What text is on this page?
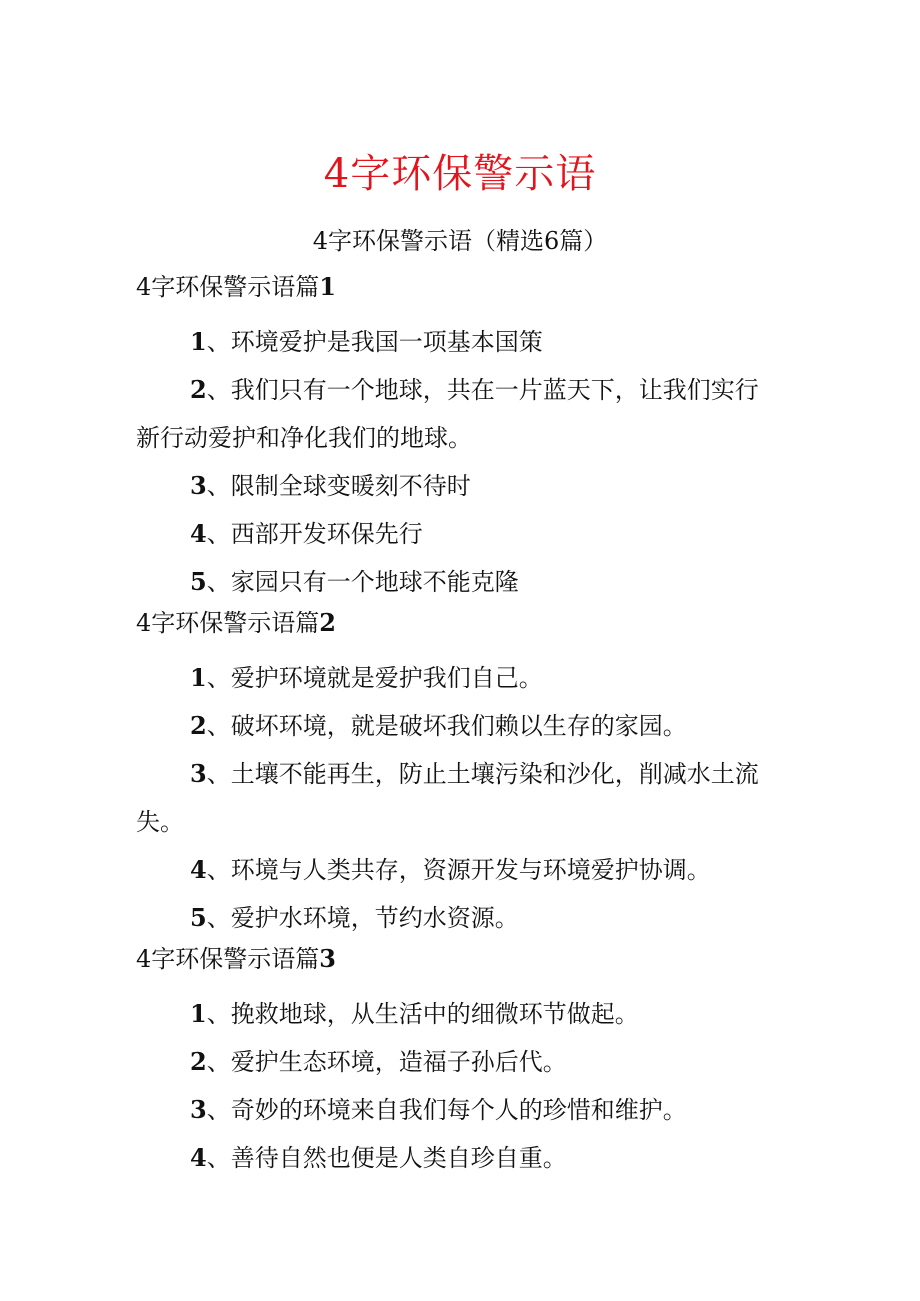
4字环保警示语
4字环保警示语（精选6篇）
4字环保警示语篇1

1、环境爱护是我国一项基本国策

2、我们只有一个地球，共在一片蓝天下，让我们实行新行动爱护和净化我们的地球。

3、限制全球变暖刻不待时

4、西部开发环保先行

5、家园只有一个地球不能克隆

4字环保警示语篇2

1、爱护环境就是爱护我们自己。

2、破坏环境，就是破坏我们赖以生存的家园。

3、土壤不能再生，防止土壤污染和沙化，削减水土流失。

4、环境与人类共存，资源开发与环境爱护协调。

5、爱护水环境，节约水资源。

4字环保警示语篇3

1、挽救地球，从生活中的细微环节做起。

2、爱护生态环境，造福子孙后代。

3、奇妙的环境来自我们每个人的珍惜和维护。

4、善待自然也便是人类自珍自重。
